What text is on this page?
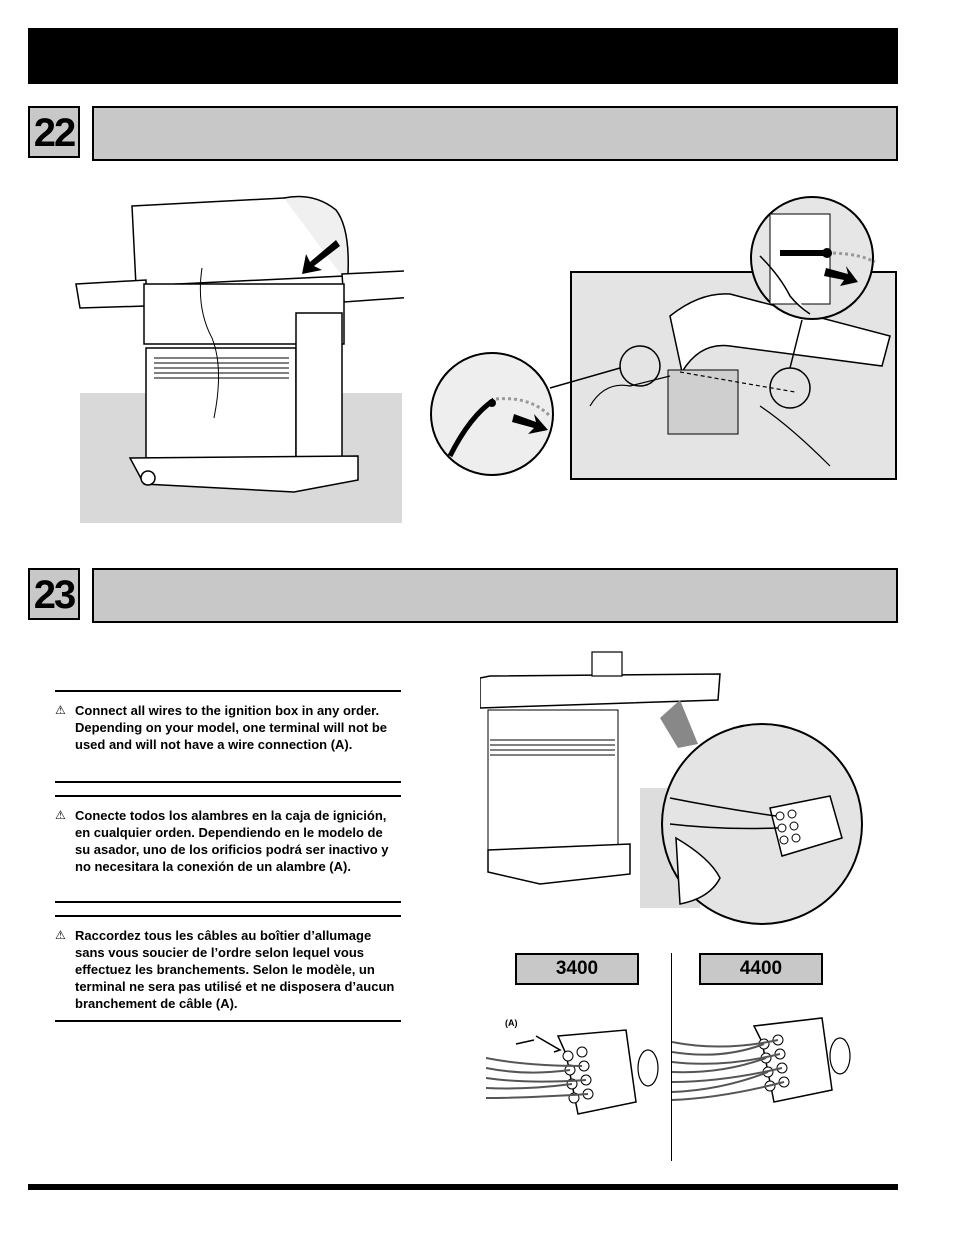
22
23
⚠ Connect all wires to the ignition box in any order. Depending on your model, one terminal will not be used and will not have a wire connection (A).
⚠ Conecte todos los alambres en la caja de ignición, en cualquier orden. Dependiendo en le modelo de su asador, uno de los orificios podrá ser inactivo y no necesitara la conexión de un alambre (A).
⚠ Raccordez tous les câbles au boîtier d’allumage sans vous soucier de l’ordre selon lequel vous effectuez les branchements. Selon le modèle, un terminal ne sera pas utilisé et ne disposera d’aucun branchement de câble (A).
3400	4400
(A)
